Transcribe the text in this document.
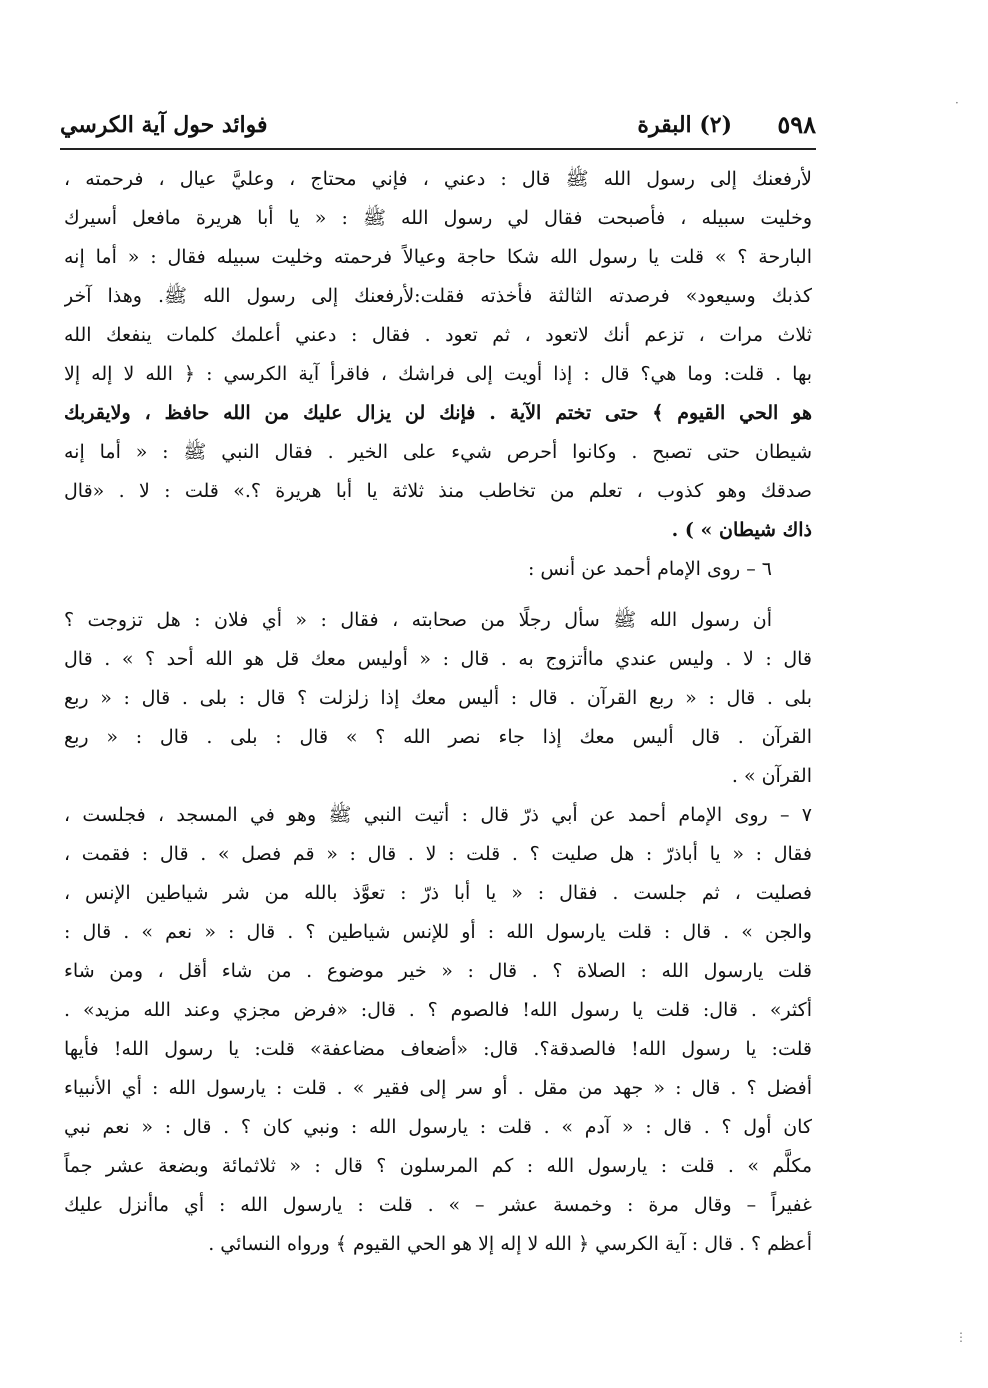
٥٩٨
(٢) البقرة
فوائد حول آية الكرسي
لأرفعنك إلى رسول الله ﷺ قال : دعني ، فإني محتاج ، وعليَّ عيال ، فرحمته ،
وخليت سبيله ، فأصبحت فقال لي رسول الله ﷺ : « يا أبا هريرة مافعل أسيرك
البارحة ؟ » قلت يا رسول الله شكا حاجة وعيالاً فرحمته وخليت سبيله فقال : « أما إنه
كذبك وسيعود» فرصدته الثالثة فأخذته فقلت:لأرفعنك إلى رسول الله ﷺ. وهذا آخر
ثلاث مرات ، تزعم أنك لاتعود ، ثم تعود . فقال : دعني أعلمك كلمات ينفعك الله
بها . قلت: وما هي؟ قال : إذا أويت إلى فراشك ، فاقرأ آية الكرسي : ﴿ الله لا إله إلا
هو الحي القيوم ﴾ حتى تختم الآية . فإنك لن يزال عليك من الله حافظ ، ولايقربك
شيطان حتى تصبح . وكانوا أحرص شيء على الخير . فقال النبي ﷺ : « أما إنه
صدقك وهو كذوب ، تعلم من تخاطب منذ ثلاثة يا أبا هريرة ؟.» قلت : لا . «قال
ذاك شيطان » ) .
٦ – روى الإمام أحمد عن أنس :
أن رسول الله ﷺ سأل رجلًا من صحابته ، فقال : « أي فلان : هل تزوجت ؟
قال : لا . وليس عندي ماأتزوج به . قال : « أوليس معك قل هو الله أحد ؟ » . قال
بلى . قال : « ربع القرآن . قال : أليس معك إذا زلزلت ؟ قال : بلى . قال : « ربع
القرآن . قال أليس معك إذا جاء نصر الله ؟ » قال : بلى . قال : « ربع
القرآن » .
٧ – روى الإمام أحمد عن أبي ذرّ قال : أتيت النبي ﷺ وهو في المسجد ، فجلست ،
فقال : « يا أباذرّ : هل صليت ؟ . قلت : لا . قال : « قم فصل » . قال : فقمت ،
فصليت ، ثم جلست . فقال : « يا أبا ذرّ : تعوَّذ بالله من شر شياطين الإنس ،
والجن » . قال : قلت يارسول الله : أو للإنس شياطين ؟ . قال : « نعم » . قال :
قلت يارسول الله : الصلاة ؟ . قال : « خير موضوع . من شاء أقل ، ومن شاء
أكثر» . قال: قلت يا رسول الله! فالصوم ؟ . قال: «فرض مجزي وعند الله مزيد» .
قلت: يا رسول الله! فالصدقة؟. قال: «أضعاف مضاعفة» قلت: يا رسول الله! فأيها
أفضل ؟ . قال : « جهد من مقل . أو سر إلى فقير » . قلت : يارسول الله : أي الأنبياء
كان أول ؟ . قال : « آدم » . قلت : يارسول الله : ونبي كان ؟ . قال : « نعم نبي
مكلَّم » . قلت : يارسول الله : كم المرسلون ؟ قال : « ثلاثمائة وبضعة عشر جماً
غفيراً – وقال مرة : وخمسة عشر – » . قلت : يارسول الله : أي ماأنزل عليك
أعظم ؟ . قال : آية الكرسي ﴿ الله لا إله إلا هو الحي القيوم ﴾ ورواه النسائي .
·
⋮
